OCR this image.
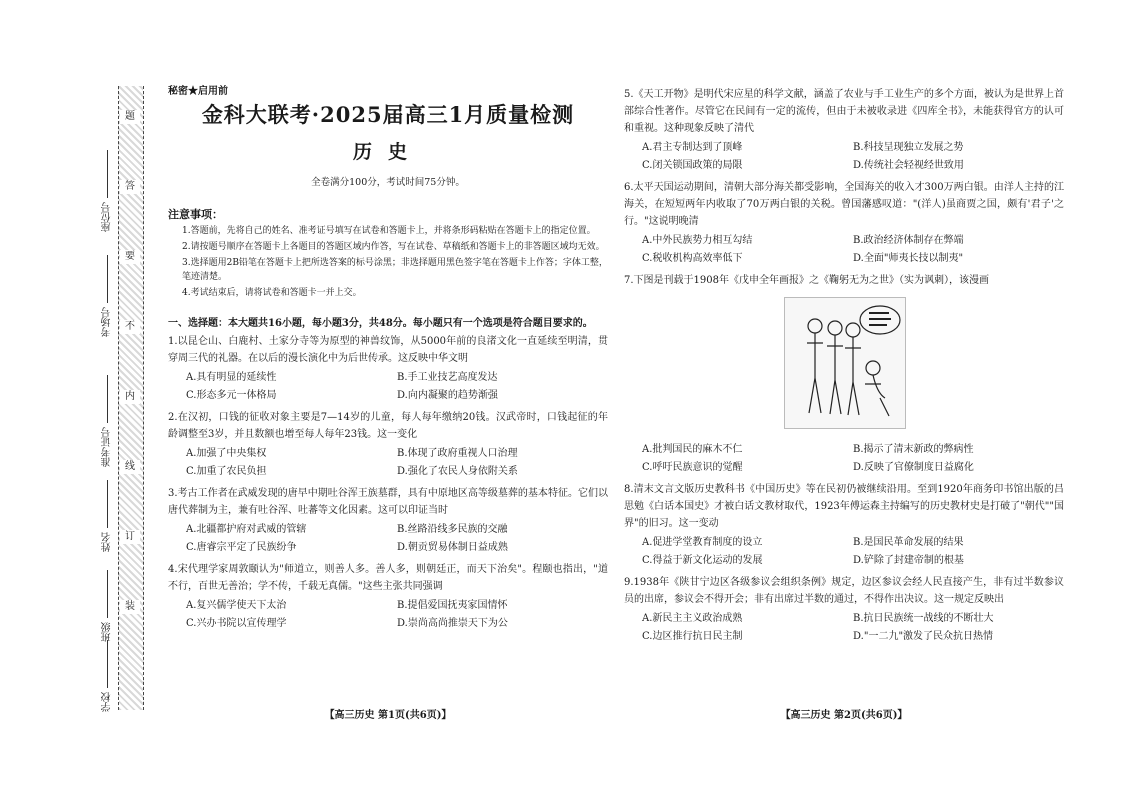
题
答
要
不
内
线
订
装
座位号
考场号
准考证号
姓名
班级
学校
秘密★启用前
金科大联考·2025届高三1月质量检测
历史
全卷满分100分，考试时间75分钟。
注意事项：
1.答题前，先将自己的姓名、准考证号填写在试卷和答题卡上，并将条形码粘贴在答题卡上的指定位置。
2.请按题号顺序在答题卡上各题目的答题区域内作答，写在试卷、草稿纸和答题卡上的非答题区域均无效。
3.选择题用2B铅笔在答题卡上把所选答案的标号涂黑；非选择题用黑色签字笔在答题卡上作答；字体工整，笔迹清楚。
4.考试结束后，请将试卷和答题卡一并上交。
一、选择题：本大题共16小题，每小题3分，共48分。每小题只有一个选项是符合题目要求的。
1.以昆仑山、白鹿村、土家分寺等为原型的神兽纹饰，从5000年前的良渚文化一直延续至明清，贯穿周三代的礼器。在以后的漫长演化中为后世传承。这反映中华文明
A.具有明显的延续性	B.手工业技艺高度发达
C.形态多元一体格局	D.向内凝聚的趋势渐强
2.在汉初，口钱的征收对象主要是7—14岁的儿童，每人每年缴纳20钱。汉武帝时，口钱起征的年龄调整至3岁，并且数额也增至每人每年23钱。这一变化
A.加强了中央集权	B.体现了政府重视人口治理
C.加重了农民负担	D.强化了农民人身依附关系
3.考古工作者在武威发现的唐早中期吐谷浑王族墓群，具有中原地区高等级墓葬的基本特征。它们以唐代葬制为主，兼有吐谷浑、吐蕃等文化因素。这可以印证当时
A.北疆都护府对武威的管辖	B.丝路沿线多民族的交融
C.唐睿宗平定了民族纷争	D.朝贡贸易体制日益成熟
4.宋代理学家周敦颐认为"师道立，则善人多。善人多，则朝廷正，而天下治矣"。程颐也指出，"道不行，百世无善治；学不传，千载无真儒。"这些主张共同强调
A.复兴儒学使天下太治	B.提倡爱国抚夷家国情怀
C.兴办书院以宣传理学	D.崇尚高尚推崇天下为公
【高三历史 第1页(共6页)】
5.《天工开物》是明代宋应星的科学文献，涵盖了农业与手工业生产的多个方面，被认为是世界上首部综合性著作。尽管它在民间有一定的流传，但由于未被收录进《四库全书》，未能获得官方的认可和重视。这种现象反映了清代
A.君主专制达到了顶峰	B.科技呈现独立发展之势
C.闭关锁国政策的局限	D.传统社会轻视经世致用
6.太平天国运动期间，清朝大部分海关都受影响，全国海关的收入才300万两白银。由洋人主持的江海关，在短短两年内收取了70万两白银的关税。曾国藩感叹道："(洋人)虽商贾之国，颇有'君子'之行。"这说明晚清
A.中外民族势力相互勾结	B.政治经济体制存在弊端
C.税收机构高效率低下	D.全面"师夷长技以制夷"
7.下图是刊载于1908年《戊申全年画报》之《鞠躬无为之世》（实为讽刺），该漫画
A.批判国民的麻木不仁	B.揭示了清末新政的弊病性
C.呼吁民族意识的觉醒	D.反映了官僚制度日益腐化
8.清末文言文版历史教科书《中国历史》等在民初仍被继续沿用。至到1920年商务印书馆出版的吕思勉《白话本国史》才被白话文教材取代，1923年傅运森主持编写的历史教材史是打破了"朝代""国界"的旧习。这一变动
A.促进学堂教育制度的设立	B.是国民革命发展的结果
C.得益于新文化运动的发展	D.铲除了封建帝制的根基
9.1938年《陕甘宁边区各级参议会组织条例》规定，边区参议会经人民直接产生，非有过半数参议员的出席，参议会不得开会；非有出席过半数的通过，不得作出决议。这一规定反映出
A.新民主主义政治成熟	B.抗日民族统一战线的不断壮大
C.边区推行抗日民主制	D."一二九"激发了民众抗日热情
【高三历史 第2页(共6页)】
